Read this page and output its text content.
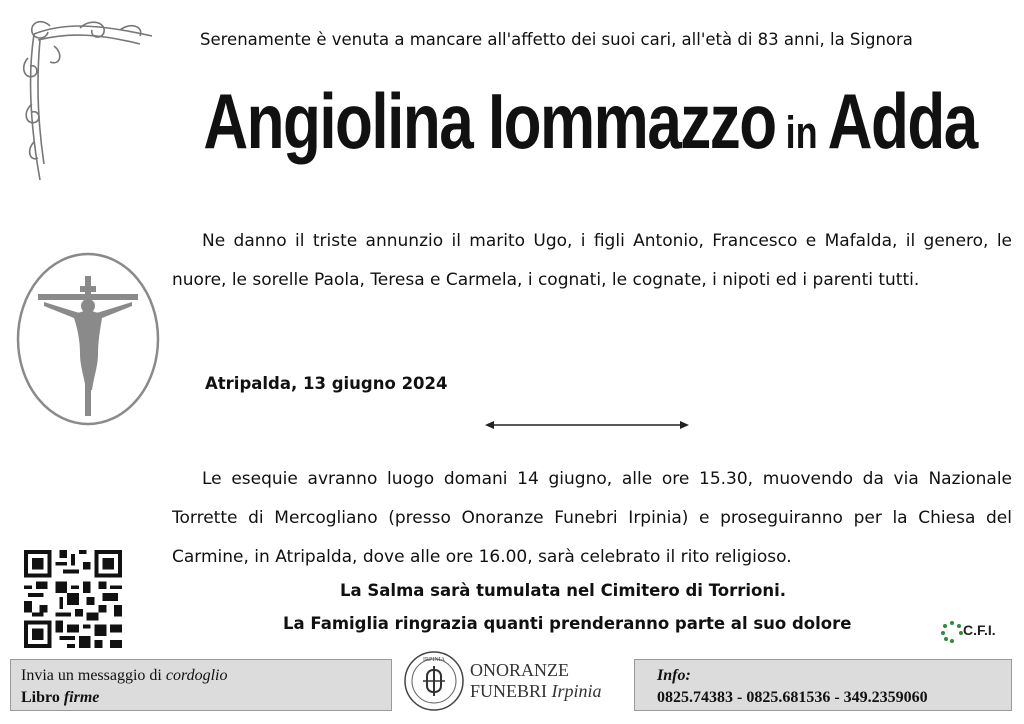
Serenamente è venuta a mancare all'affetto dei suoi cari, all'età di 83 anni, la Signora
Angiolina Iommazzo in Adda
Ne danno il triste annunzio il marito Ugo, i figli Antonio, Francesco e Mafalda, il genero, le nuore, le sorelle Paola, Teresa e Carmela, i cognati, le cognate, i nipoti ed i parenti tutti.
Atripalda, 13 giugno 2024
Le esequie avranno luogo domani 14 giugno, alle ore 15.30, muovendo da via Nazionale Torrette di Mercogliano (presso Onoranze Funebri Irpinia) e proseguiranno per la Chiesa del Carmine, in Atripalda, dove alle ore 16.00, sarà celebrato il rito religioso.
La Salma sarà tumulata nel Cimitero di Torrioni.
La Famiglia ringrazia quanti prenderanno parte al suo dolore	C.F.I.
Invia un messaggio di cordoglio
Libro firme
IRPINIA ONORANZE
FUNEBRI Irpinia
Info:
0825.74383 - 0825.681536 - 349.2359060
